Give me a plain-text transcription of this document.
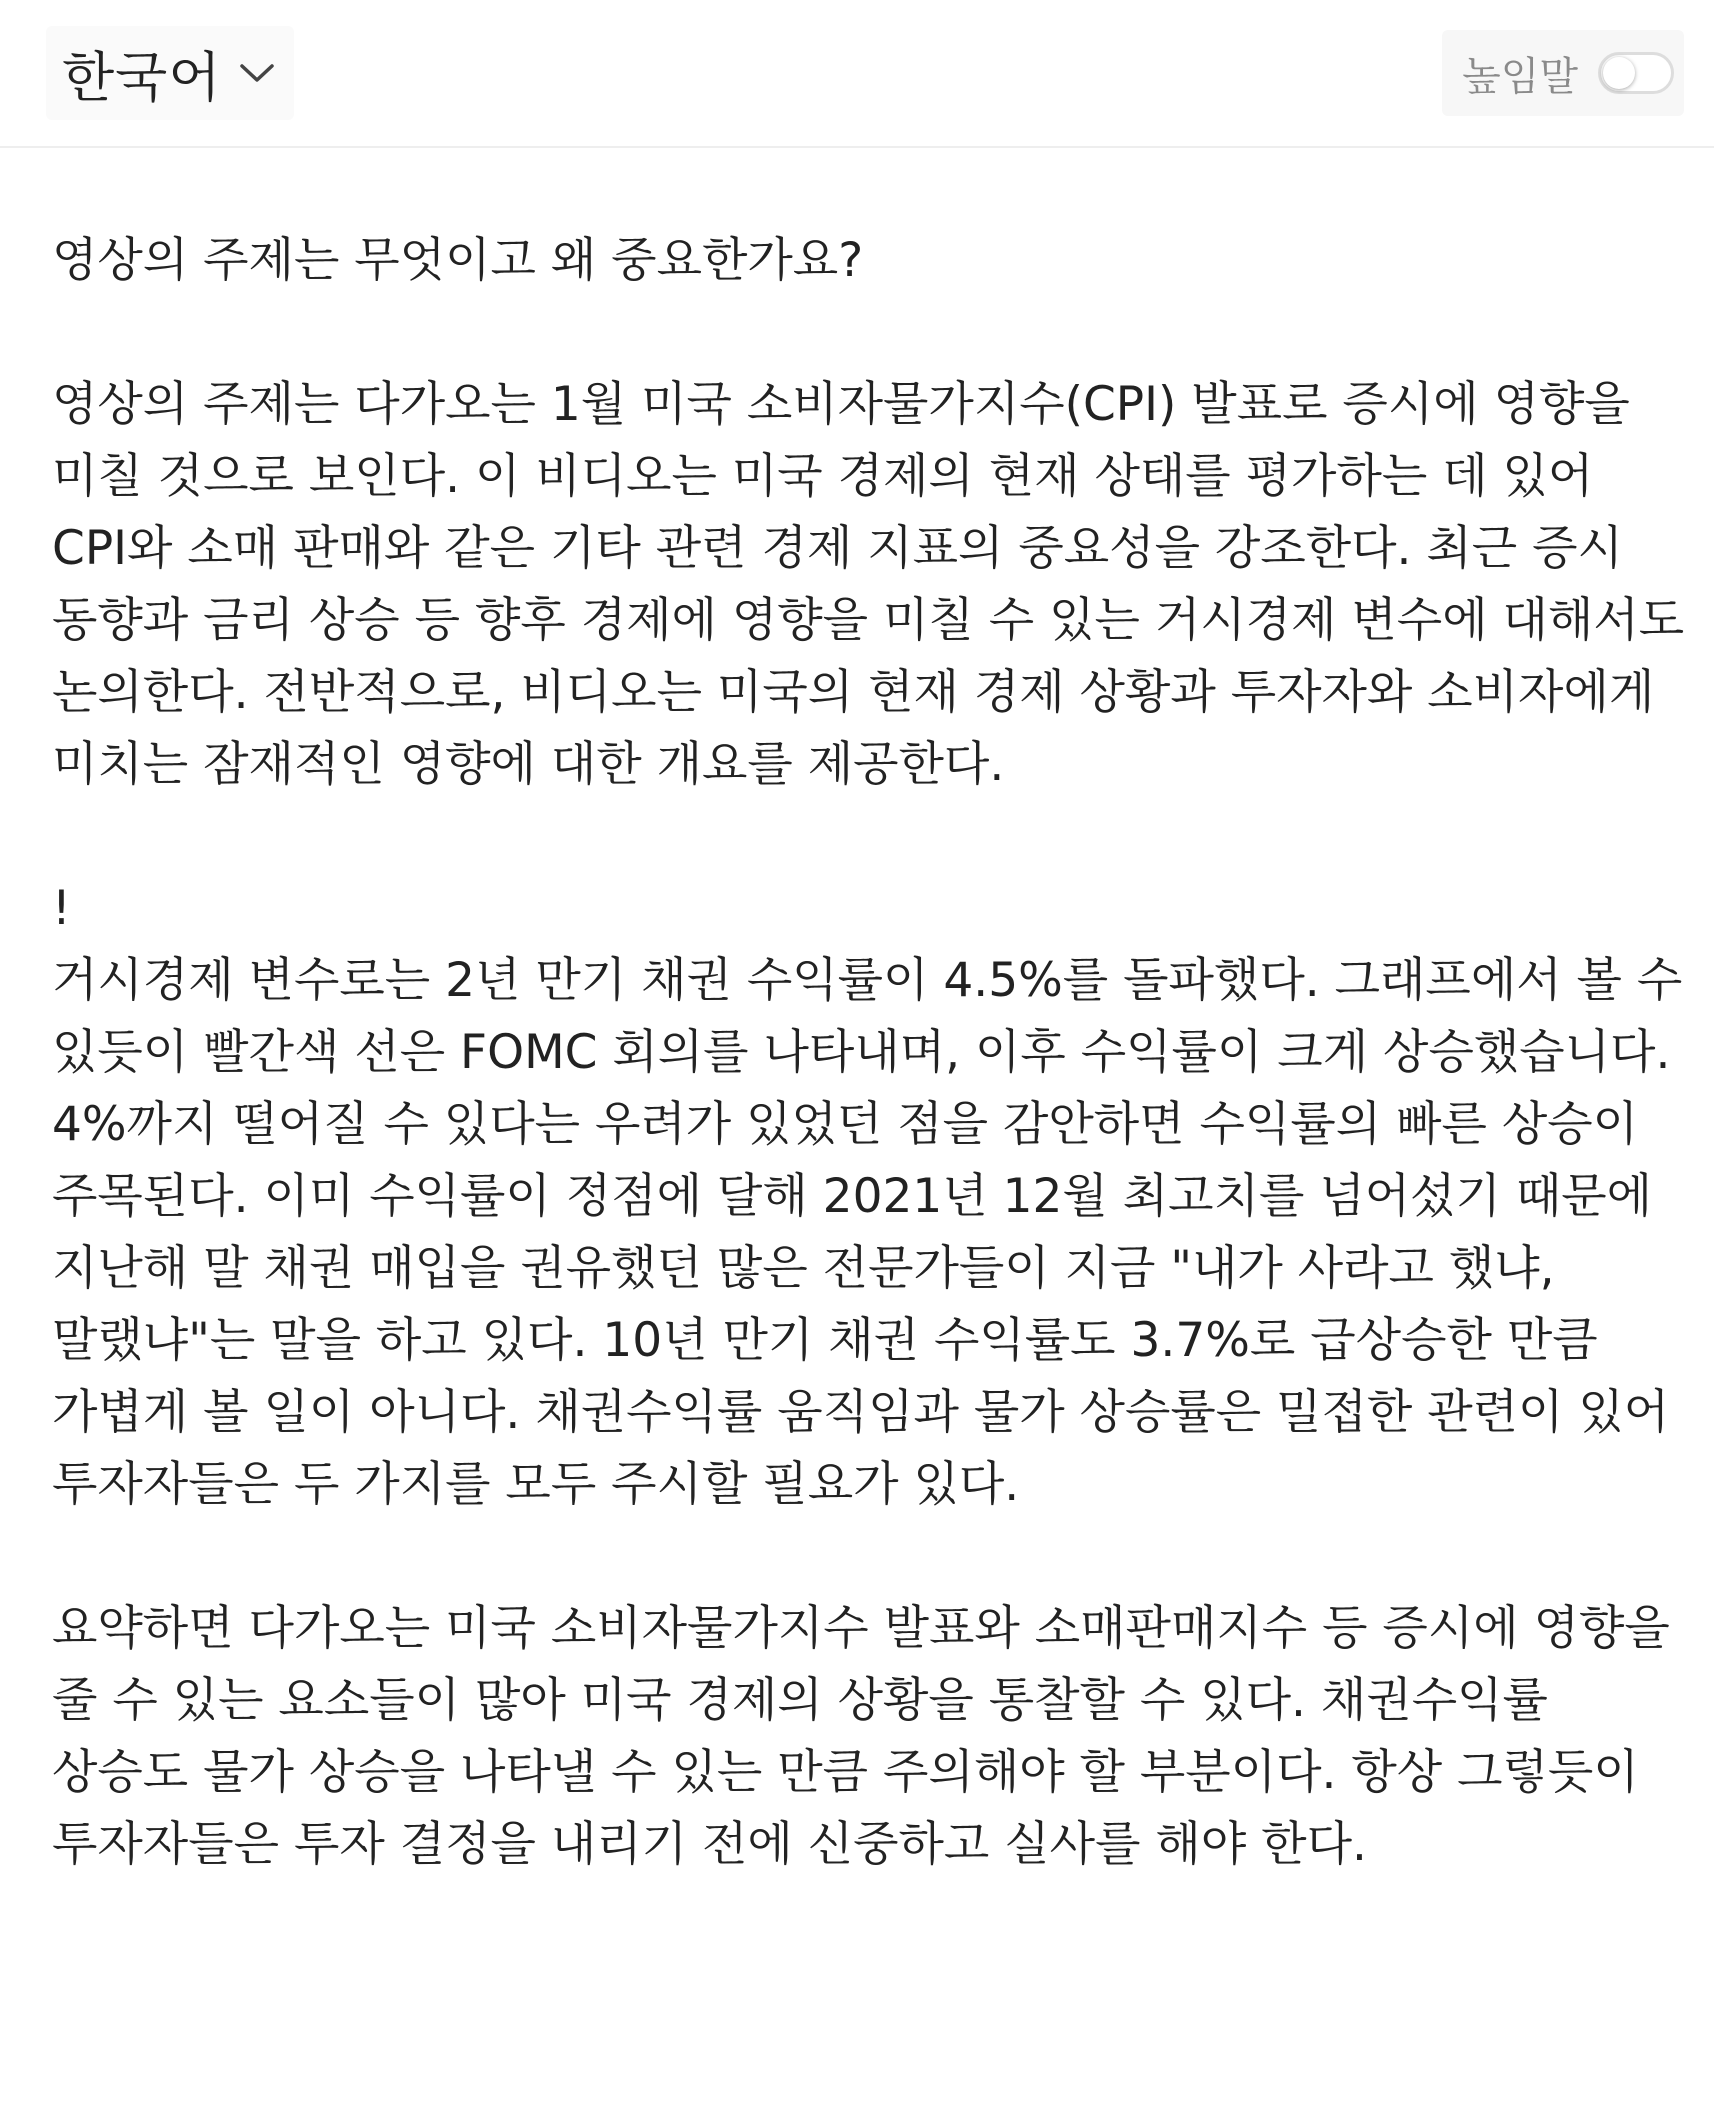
한국어	높임말

영상의 주제는 무엇이고 왜 중요한가요?

영상의 주제는 다가오는 1월 미국 소비자물가지수(CPI) 발표로 증시에 영향을 미칠 것으로 보인다. 이 비디오는 미국 경제의 현재 상태를 평가하는 데 있어 CPI와 소매 판매와 같은 기타 관련 경제 지표의 중요성을 강조한다. 최근 증시 동향과 금리 상승 등 향후 경제에 영향을 미칠 수 있는 거시경제 변수에 대해서도 논의한다. 전반적으로, 비디오는 미국의 현재 경제 상황과 투자자와 소비자에게 미치는 잠재적인 영향에 대한 개요를 제공한다.

!

거시경제 변수로는 2년 만기 채권 수익률이 4.5%를 돌파했다. 그래프에서 볼 수 있듯이 빨간색 선은 FOMC 회의를 나타내며, 이후 수익률이 크게 상승했습니다. 4%까지 떨어질 수 있다는 우려가 있었던 점을 감안하면 수익률의 빠른 상승이 주목된다. 이미 수익률이 정점에 달해 2021년 12월 최고치를 넘어섰기 때문에 지난해 말 채권 매입을 권유했던 많은 전문가들이 지금 "내가 사라고 했냐, 말랬냐"는 말을 하고 있다. 10년 만기 채권 수익률도 3.7%로 급상승한 만큼 가볍게 볼 일이 아니다. 채권수익률 움직임과 물가 상승률은 밀접한 관련이 있어 투자자들은 두 가지를 모두 주시할 필요가 있다.

요약하면 다가오는 미국 소비자물가지수 발표와 소매판매지수 등 증시에 영향을 줄 수 있는 요소들이 많아 미국 경제의 상황을 통찰할 수 있다. 채권수익률 상승도 물가 상승을 나타낼 수 있는 만큼 주의해야 할 부분이다. 항상 그렇듯이 투자자들은 투자 결정을 내리기 전에 신중하고 실사를 해야 한다.
